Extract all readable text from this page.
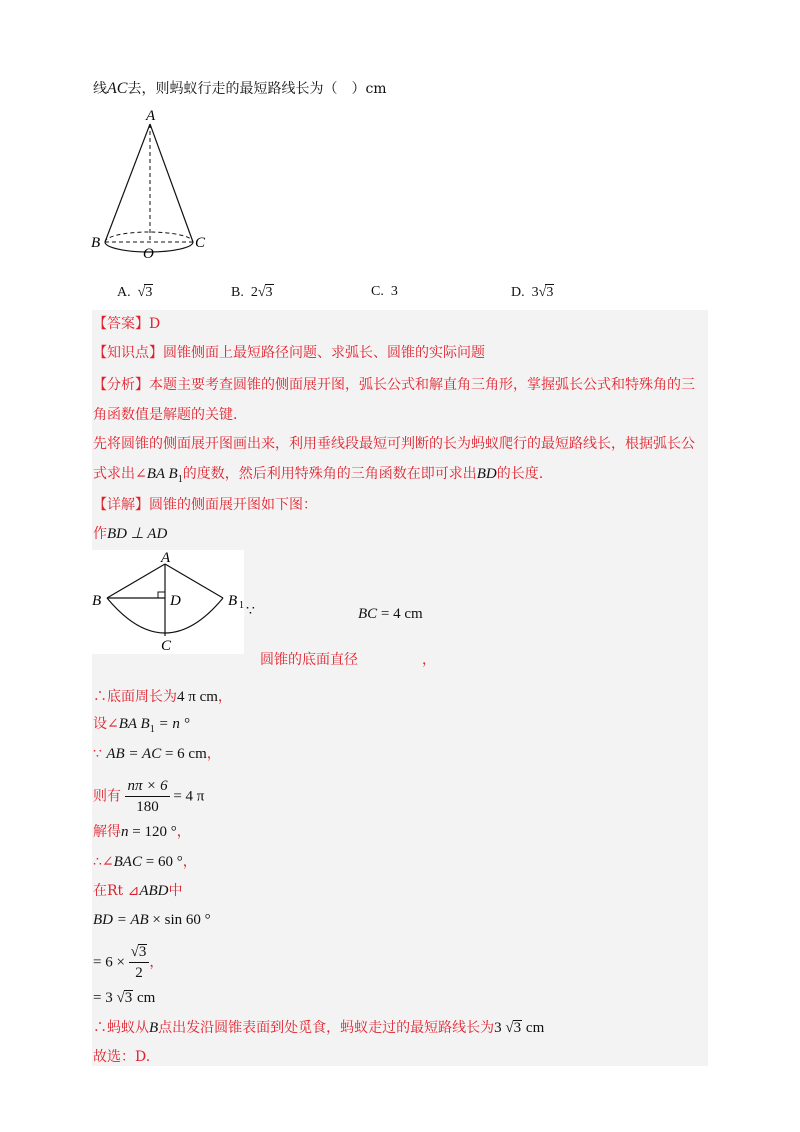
线AC去，则蚂蚁行走的最短路线长为（　）cm
A
B	C
O
A.  √3	B. 2√3	C. 3	D. 3√3
【答案】D
【知识点】圆锥侧面上最短路径问题、求弧长、圆锥的实际问题
【分析】本题主要考查圆锥的侧面展开图，弧长公式和解直角三角形，掌握弧长公式和特殊角的三
角函数值是解题的关键.
先将圆锥的侧面展开图画出来，利用垂线段最短可判断的长为蚂蚁爬行的最短路线长，根据弧长公
式求出∠BA $B_1$的度数，然后利用特殊角的三角函数在即可求出BD的长度.
【详解】圆锥的侧面展开图如下图：
作BD ⊥ AD
A
B	D	B 1
C
∵	BC = 4 cm
圆锥的底面直径	，
∴底面周长为4 π cm，
设∠BA $B_1 = n$ °
∵ AB = AC = 6 cm，
则有 $\frac{n\pi \times 6}{180} = 4$ π
解得n = 120 °，
∴∠BAC = 60 °，
在Rt ⊿ABD中
BD = AB × sin 60 °
= $6 \times \frac{√3}{2}$ ，
= 3 √3 cm
∴蚂蚁从B点出发沿圆锥表面到处觅食，蚂蚁走过的最短路线长为3 √3 cm
故选：D.
